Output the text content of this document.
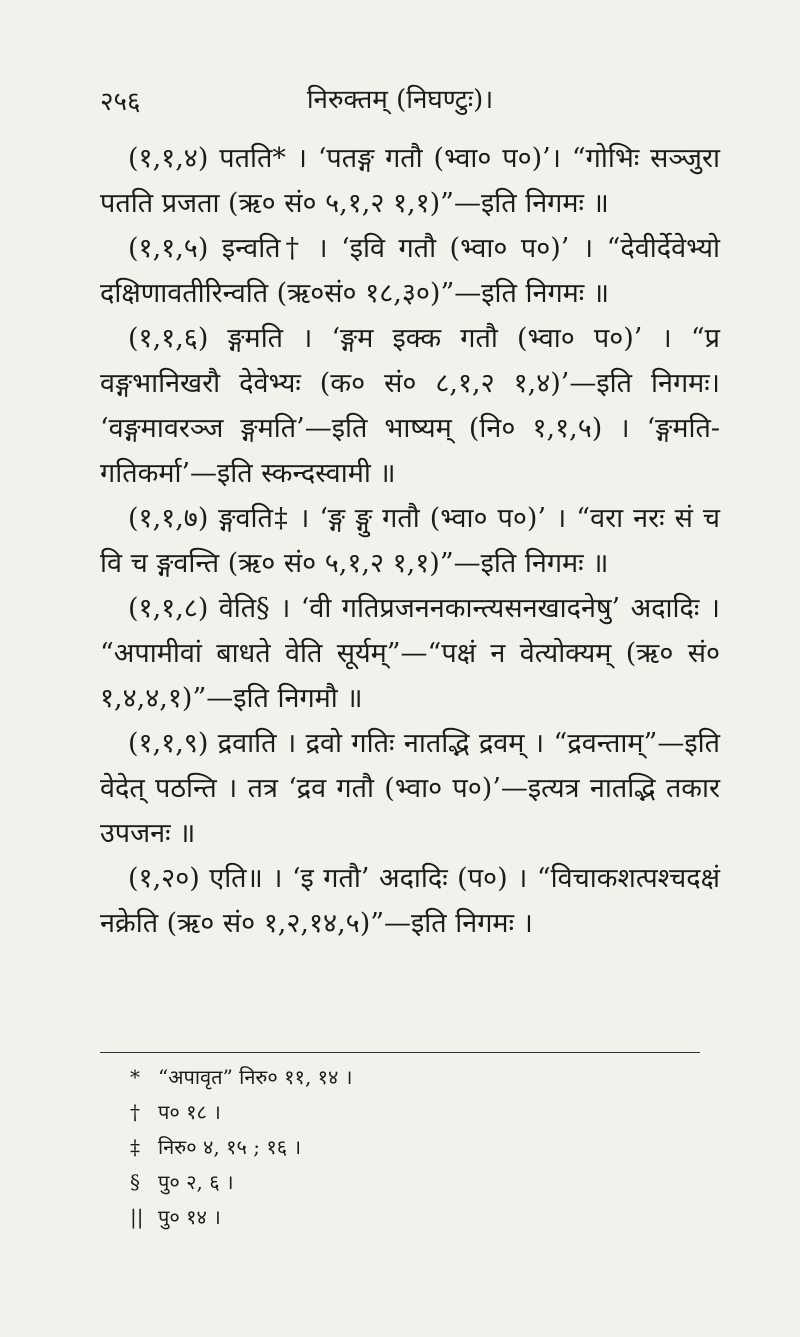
२५६	निरुक्तम् (निघण्टुः)।

(१,१,४) पतति* । ‘पतङ्ग गतौ (भ्वा० प०)’। “गोभिः सञ्जुरा पतति प्रजता (ऋ० सं० ५,१,२ १,१)”—इति निगमः ॥

(१,१,५) इन्वति† । ‘इवि गतौ (भ्वा० प०)’ । “देवीर्देवेभ्यो दक्षिणावतीरिन्वति (ऋ०सं० १८,३०)”—इति निगमः ॥

(१,१,६) ङ्गमति । ‘ङ्गम इक्क गतौ (भ्वा० प०)’ । “प्र वङ्गभानिखरौ देवेभ्यः (क० सं० ८,१,२ १,४)’—इति निगमः। ‘वङ्गमावरञ्ज ङ्गमति’—इति भाष्यम् (नि० १,१,५) । ‘ङ्गमति-गतिकर्मा’—इति स्कन्दस्वामी ॥

(१,१,७) ङ्गवति‡ । ‘ङ्ग ङ्गु गतौ (भ्वा० प०)’ । “वरा नरः सं च वि च ङ्गवन्ति (ऋ० सं० ५,१,२ १,१)”—इति निगमः ॥

(१,१,८) वेति§ । ‘वी गतिप्रजननकान्त्यसनखादनेषु’ अदादिः । “अपामीवां बाधते वेति सूर्यम्”—“पक्षं न वेत्योक्यम् (ऋ० सं० १,४,४,१)”—इति निगमौ ॥

(१,१,९) द्रवाति । द्रवो गतिः नातद्भि द्रवम् । “द्रवन्ताम्”—इति वेदेत् पठन्ति । तत्र ‘द्रव गतौ (भ्वा० प०)’—इत्यत्र नातद्भि तकार उपजनः ॥

(१,२०) एति॥ । ‘इ गतौ’ अदादिः (प०) । “विचाकशत्पश्चदक्षं नक्रेति (ऋ० सं० १,२,१४,५)”—इति निगमः ।

* “अपावृत” निरु० ११, १४ ।
† प० १८ ।
‡ निरु० ४, १५ ; १६ ।
§ पु० २, ६ ।
|| पु० १४ ।
